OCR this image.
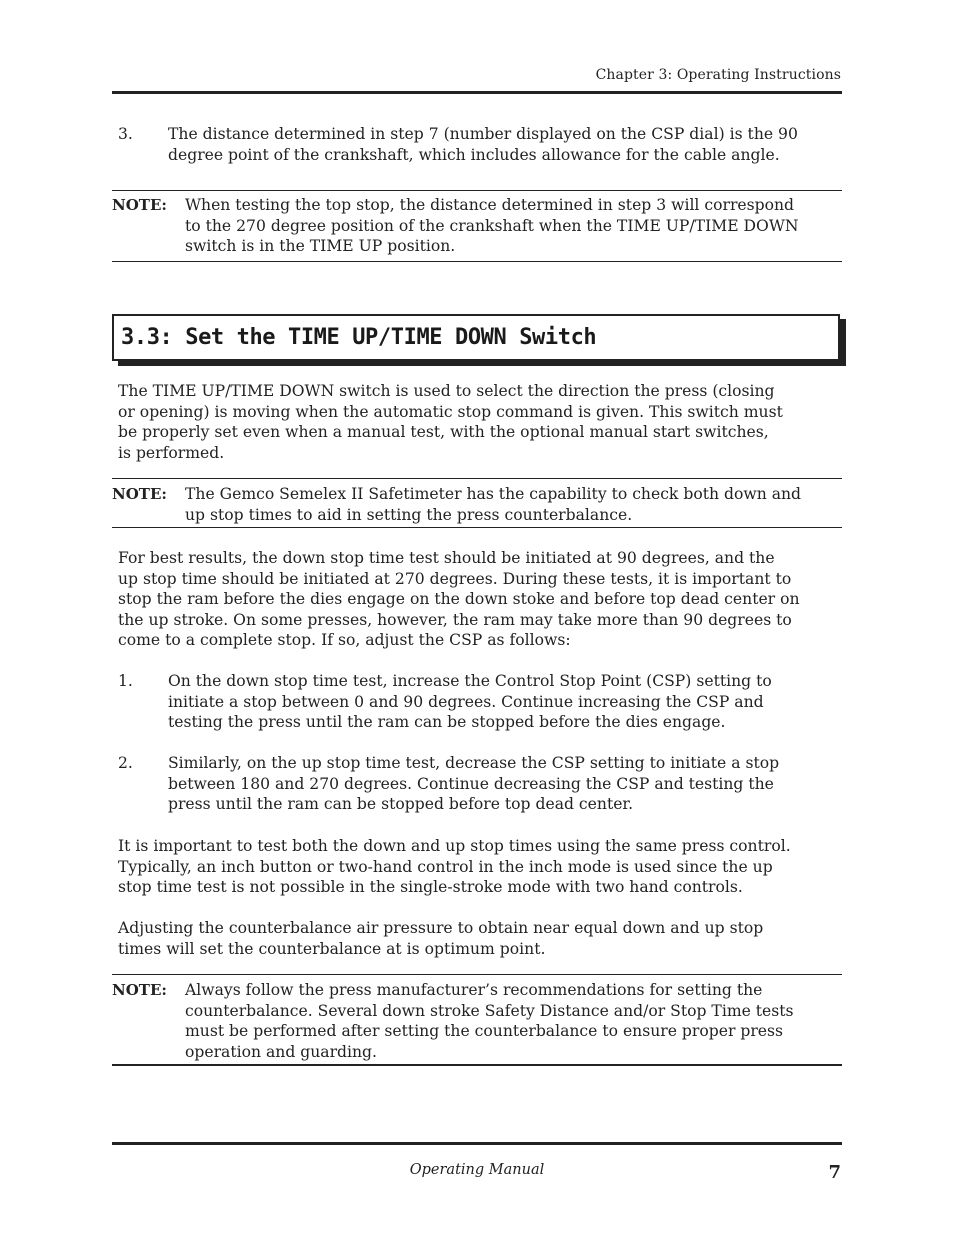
Chapter 3: Operating Instructions
3.	The distance determined in step 7 (number displayed on the CSP dial) is the 90
degree point of the crankshaft, which includes allowance for the cable angle.
NOTE: When testing the top stop, the distance determined in step 3 will correspond
to the 270 degree position of the crankshaft when the TIME UP/TIME DOWN
switch is in the TIME UP position.
3.3: Set the TIME UP/TIME DOWN Switch
The TIME UP/TIME DOWN switch is used to select the direction the press (closing
or opening) is moving when the automatic stop command is given. This switch must
be properly set even when a manual test, with the optional manual start switches,
is performed.
NOTE: The Gemco Semelex II Safetimeter has the capability to check both down and
up stop times to aid in setting the press counterbalance.
For best results, the down stop time test should be initiated at 90 degrees, and the
up stop time should be initiated at 270 degrees. During these tests, it is important to
stop the ram before the dies engage on the down stoke and before top dead center on
the up stroke. On some presses, however, the ram may take more than 90 degrees to
come to a complete stop. If so, adjust the CSP as follows:
1.	On the down stop time test, increase the Control Stop Point (CSP) setting to
initiate a stop between 0 and 90 degrees. Continue increasing the CSP and
testing the press until the ram can be stopped before the dies engage.
2.	Similarly, on the up stop time test, decrease the CSP setting to initiate a stop
between 180 and 270 degrees. Continue decreasing the CSP and testing the
press until the ram can be stopped before top dead center.
It is important to test both the down and up stop times using the same press control.
Typically, an inch button or two-hand control in the inch mode is used since the up
stop time test is not possible in the single-stroke mode with two hand controls.
Adjusting the counterbalance air pressure to obtain near equal down and up stop
times will set the counterbalance at is optimum point.
NOTE: Always follow the press manufacturer’s recommendations for setting the
counterbalance. Several down stroke Safety Distance and/or Stop Time tests
must be performed after setting the counterbalance to ensure proper press
operation and guarding.
Operating Manual	7
